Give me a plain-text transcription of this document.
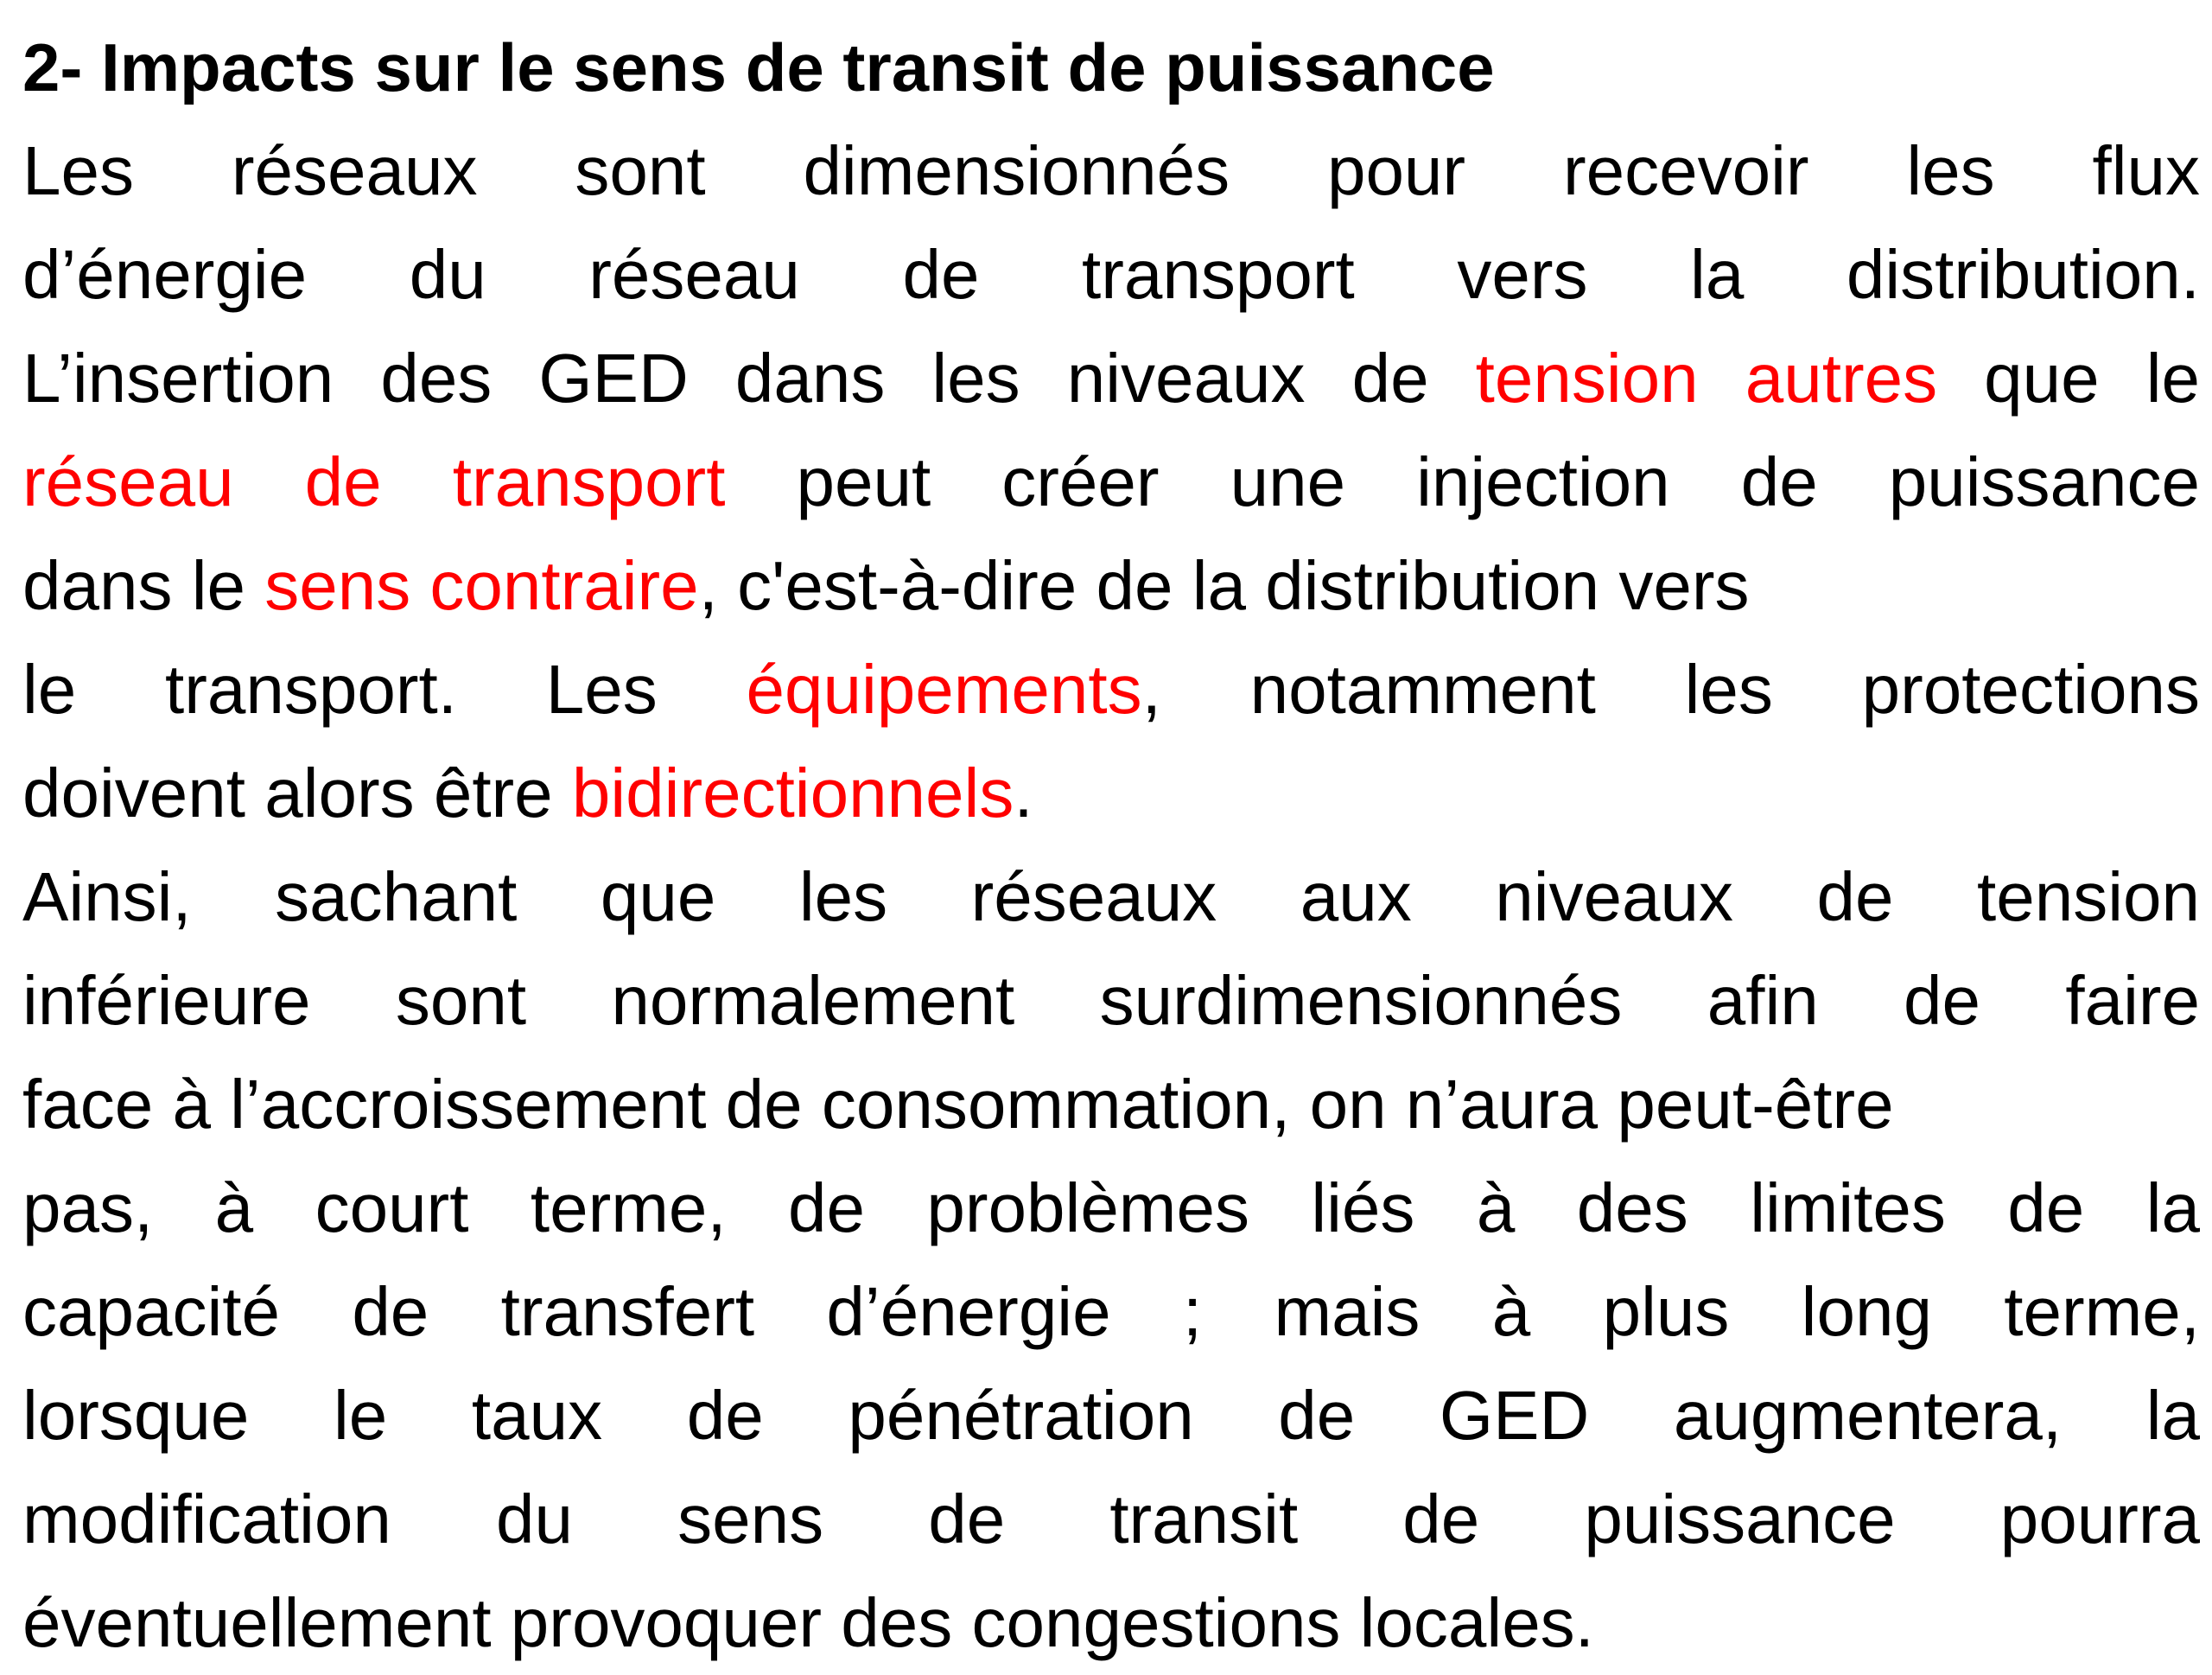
2- Impacts sur le sens de transit de puissance
Les réseaux sont dimensionnés pour recevoir les flux
d’énergie du réseau de transport vers la distribution.
L’insertion des GED dans les niveaux de tension autres que le
réseau de transport peut créer une injection de puissance
dans le sens contraire, c'est-à-dire de la distribution vers
le transport. Les équipements, notamment les protections
doivent alors être bidirectionnels.
Ainsi, sachant que les réseaux aux niveaux de tension
inférieure sont normalement surdimensionnés afin de faire
face à l’accroissement de consommation, on n’aura peut-être
pas, à court terme, de problèmes liés à des limites de la
capacité de transfert d’énergie ; mais à plus long terme,
lorsque le taux de pénétration de GED augmentera, la
modification du sens de transit de puissance pourra
éventuellement provoquer des congestions locales.
